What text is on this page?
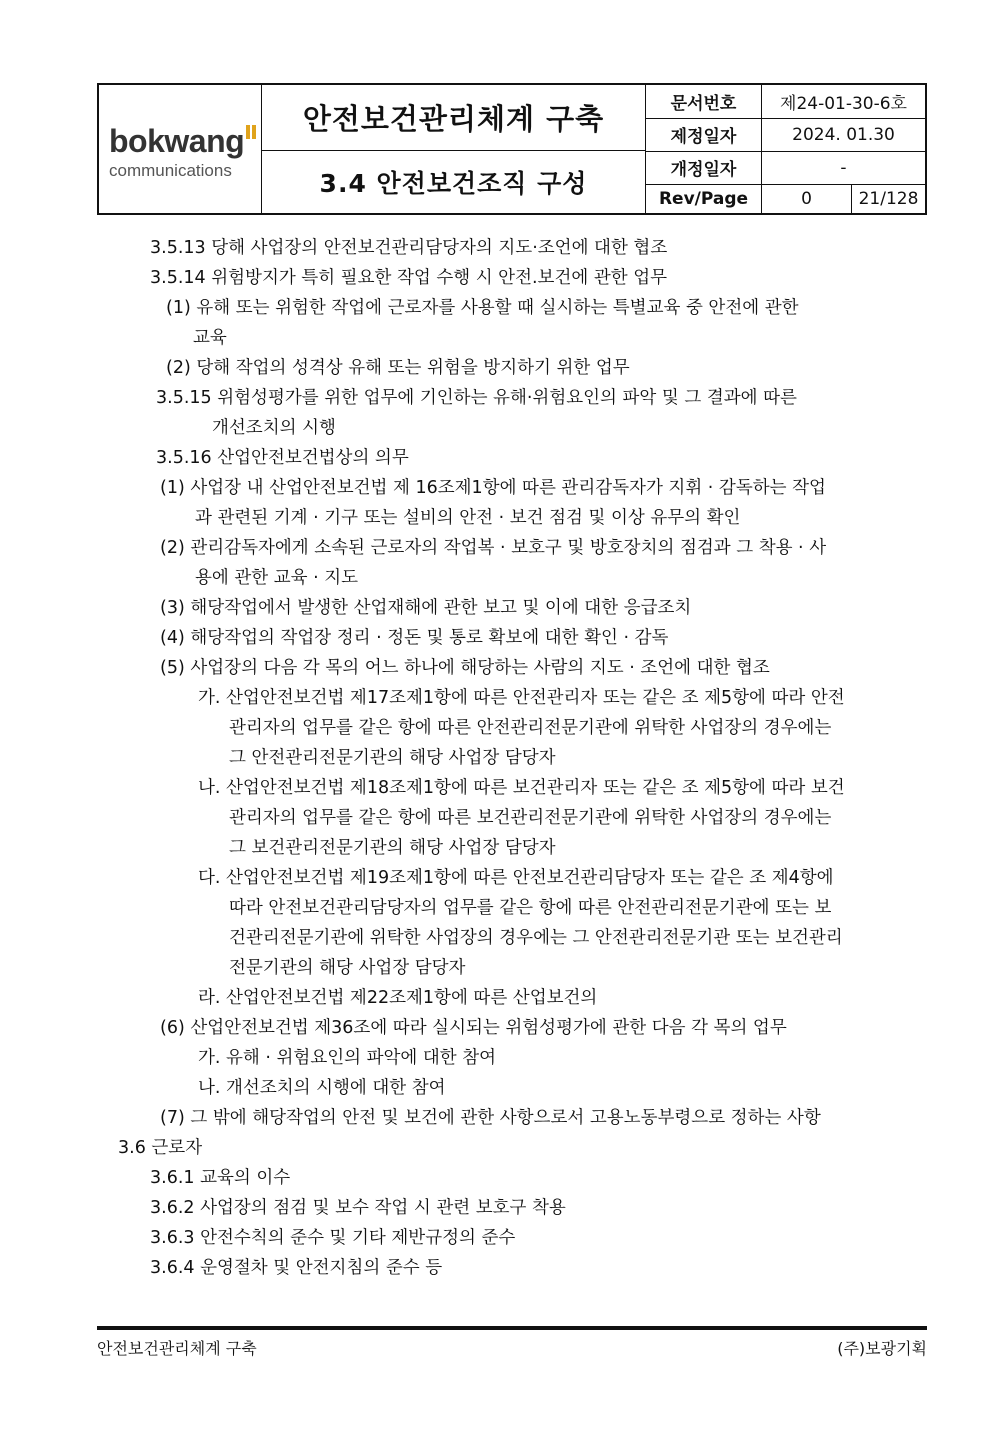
bokwang
communications
안전보건관리체계 구축
3.4 안전보건조직 구성
문서번호	제24-01-30-6호
제정일자	2024. 01.30
개정일자	-
Rev/Page	0	21/128
3.5.13 당해 사업장의 안전보건관리담당자의 지도·조언에 대한 협조
3.5.14 위험방지가 특히 필요한 작업 수행 시 안전.보건에 관한 업무
(1) 유해 또는 위험한 작업에 근로자를 사용할 때 실시하는 특별교육 중 안전에 관한
교육
(2) 당해 작업의 성격상 유해 또는 위험을 방지하기 위한 업무
3.5.15 위험성평가를 위한 업무에 기인하는 유해·위험요인의 파악 및 그 결과에 따른
개선조치의 시행
3.5.16 산업안전보건법상의 의무
(1) 사업장 내 산업안전보건법 제 16조제1항에 따른 관리감독자가 지휘 · 감독하는 작업
과 관련된 기계 · 기구 또는 설비의 안전 · 보건 점검 및 이상 유무의 확인
(2) 관리감독자에게 소속된 근로자의 작업복 · 보호구 및 방호장치의 점검과 그 착용 · 사
용에 관한 교육 · 지도
(3) 해당작업에서 발생한 산업재해에 관한 보고 및 이에 대한 응급조치
(4) 해당작업의 작업장 정리 · 정돈 및 통로 확보에 대한 확인 · 감독
(5) 사업장의 다음 각 목의 어느 하나에 해당하는 사람의 지도 · 조언에 대한 협조
가. 산업안전보건법 제17조제1항에 따른 안전관리자 또는 같은 조 제5항에 따라 안전
관리자의 업무를 같은 항에 따른 안전관리전문기관에 위탁한 사업장의 경우에는
그 안전관리전문기관의 해당 사업장 담당자
나. 산업안전보건법 제18조제1항에 따른 보건관리자 또는 같은 조 제5항에 따라 보건
관리자의 업무를 같은 항에 따른 보건관리전문기관에 위탁한 사업장의 경우에는
그 보건관리전문기관의 해당 사업장 담당자
다. 산업안전보건법 제19조제1항에 따른 안전보건관리담당자 또는 같은 조 제4항에
따라 안전보건관리담당자의 업무를 같은 항에 따른 안전관리전문기관에 또는 보
건관리전문기관에 위탁한 사업장의 경우에는 그 안전관리전문기관 또는 보건관리
전문기관의 해당 사업장 담당자
라. 산업안전보건법 제22조제1항에 따른 산업보건의
(6) 산업안전보건법 제36조에 따라 실시되는 위험성평가에 관한 다음 각 목의 업무
가. 유해 · 위험요인의 파악에 대한 참여
나. 개선조치의 시행에 대한 참여
(7) 그 밖에 해당작업의 안전 및 보건에 관한 사항으로서 고용노동부령으로 정하는 사항
3.6 근로자
3.6.1 교육의 이수
3.6.2 사업장의 점검 및 보수 작업 시 관련 보호구 착용
3.6.3 안전수칙의 준수 및 기타 제반규정의 준수
3.6.4 운영절차 및 안전지침의 준수 등
안전보건관리체계 구축	(주)보광기획
